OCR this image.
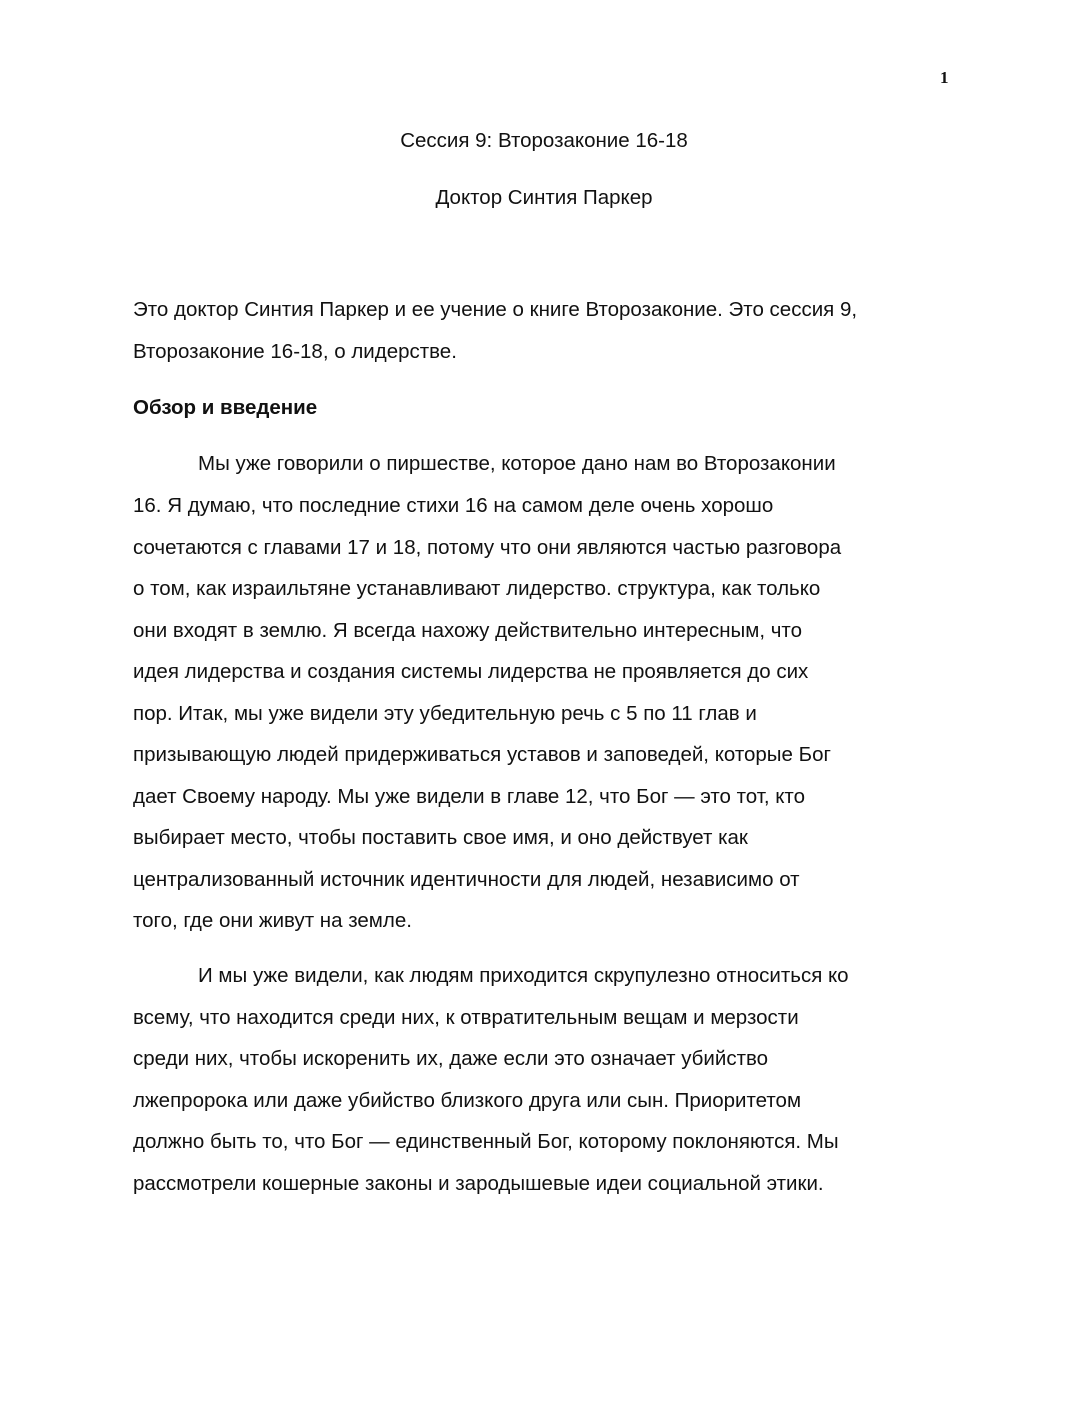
1
Сессия 9: Второзаконие 16-18
Доктор Синтия Паркер
Это доктор Синтия Паркер и ее учение о книге Второзаконие. Это сессия 9,
Второзаконие 16-18, о лидерстве.
Обзор и введение
Мы уже говорили о пиршестве, которое дано нам во Второзаконии
16. Я думаю, что последние стихи 16 на самом деле очень хорошо
сочетаются с главами 17 и 18, потому что они являются частью разговора
о том, как израильтяне устанавливают лидерство. структура, как только
они входят в землю. Я всегда нахожу действительно интересным, что
идея лидерства и создания системы лидерства не проявляется до сих
пор. Итак, мы уже видели эту убедительную речь с 5 по 11 глав и
призывающую людей придерживаться уставов и заповедей, которые Бог
дает Своему народу. Мы уже видели в главе 12, что Бог — это тот, кто
выбирает место, чтобы поставить свое имя, и оно действует как
централизованный источник идентичности для людей, независимо от
того, где они живут на земле.
И мы уже видели, как людям приходится скрупулезно относиться ко
всему, что находится среди них, к отвратительным вещам и мерзости
среди них, чтобы искоренить их, даже если это означает убийство
лжепророка или даже убийство близкого друга или сын. Приоритетом
должно быть то, что Бог — единственный Бог, которому поклоняются. Мы
рассмотрели кошерные законы и зародышевые идеи социальной этики.
